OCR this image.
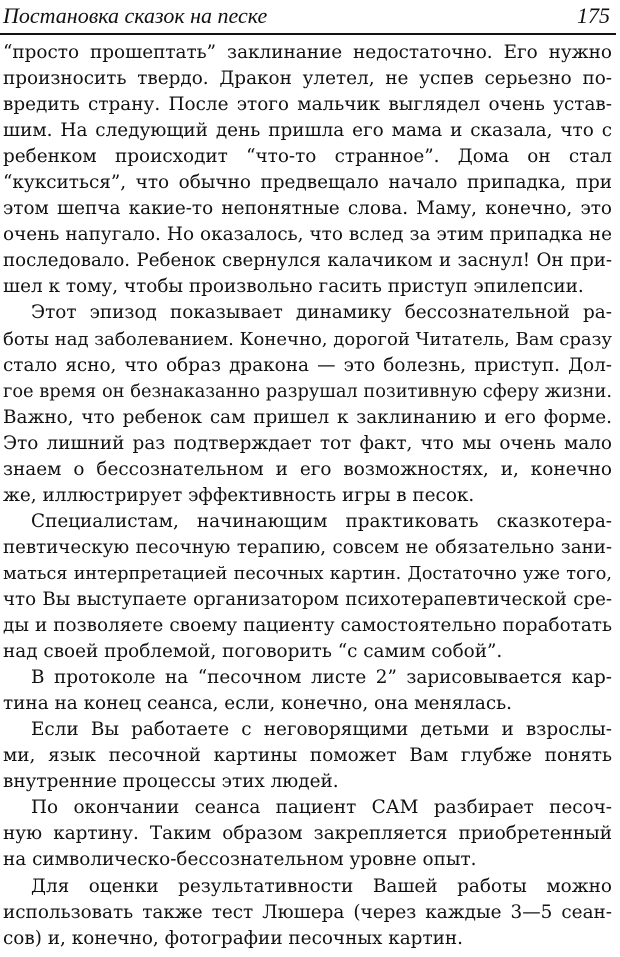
Постановка сказок на песке	175
“просто прошептать” заклинание недостаточно. Его нужно
произносить твердо. Дракон улетел, не успев серьезно по-
вредить страну. После этого мальчик выглядел очень устав-
шим. На следующий день пришла его мама и сказала, что с
ребенком происходит “что-то странное”. Дома он стал
“кукситься”, что обычно предвещало начало припадка, при
этом шепча какие-то непонятные слова. Маму, конечно, это
очень напугало. Но оказалось, что вслед за этим припадка не
последовало. Ребенок свернулся калачиком и заснул! Он при-
шел к тому, чтобы произвольно гасить приступ эпилепсии.
Этот эпизод показывает динамику бессознательной ра-
боты над заболеванием. Конечно, дорогой Читатель, Вам сразу
стало ясно, что образ дракона — это болезнь, приступ. Дол-
гое время он безнаказанно разрушал позитивную сферу жизни.
Важно, что ребенок сам пришел к заклинанию и его форме.
Это лишний раз подтверждает тот факт, что мы очень мало
знаем о бессознательном и его возможностях, и, конечно
же, иллюстрирует эффективность игры в песок.
Специалистам, начинающим практиковать сказкотера-
певтическую песочную терапию, совсем не обязательно зани-
маться интерпретацией песочных картин. Достаточно уже того,
что Вы выступаете организатором психотерапевтической сре-
ды и позволяете своему пациенту самостоятельно поработать
над своей проблемой, поговорить “с самим собой”.
В протоколе на “песочном листе 2” зарисовывается кар-
тина на конец сеанса, если, конечно, она менялась.
Если Вы работаете с неговорящими детьми и взрослы-
ми, язык песочной картины поможет Вам глубже понять
внутренние процессы этих людей.
По окончании сеанса пациент САМ разбирает песоч-
ную картину. Таким образом закрепляется приобретенный
на символическо-бессознательном уровне опыт.
Для оценки результативности Вашей работы можно
использовать также тест Люшера (через каждые 3—5 сеан-
сов) и, конечно, фотографии песочных картин.
